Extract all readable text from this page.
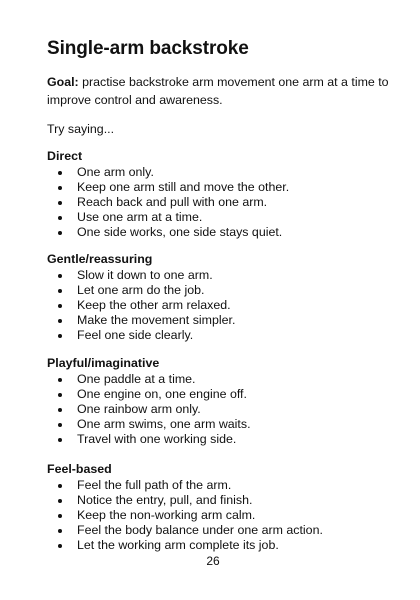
Single-arm backstroke

Goal: practise backstroke arm movement one arm at a time to improve control and awareness.

Try saying...

Direct
One arm only.
Keep one arm still and move the other.
Reach back and pull with one arm.
Use one arm at a time.
One side works, one side stays quiet.
Gentle/reassuring
Slow it down to one arm.
Let one arm do the job.
Keep the other arm relaxed.
Make the movement simpler.
Feel one side clearly.
Playful/imaginative
One paddle at a time.
One engine on, one engine off.
One rainbow arm only.
One arm swims, one arm waits.
Travel with one working side.
Feel-based
Feel the full path of the arm.
Notice the entry, pull, and finish.
Keep the non-working arm calm.
Feel the body balance under one arm action.
Let the working arm complete its job.
26
